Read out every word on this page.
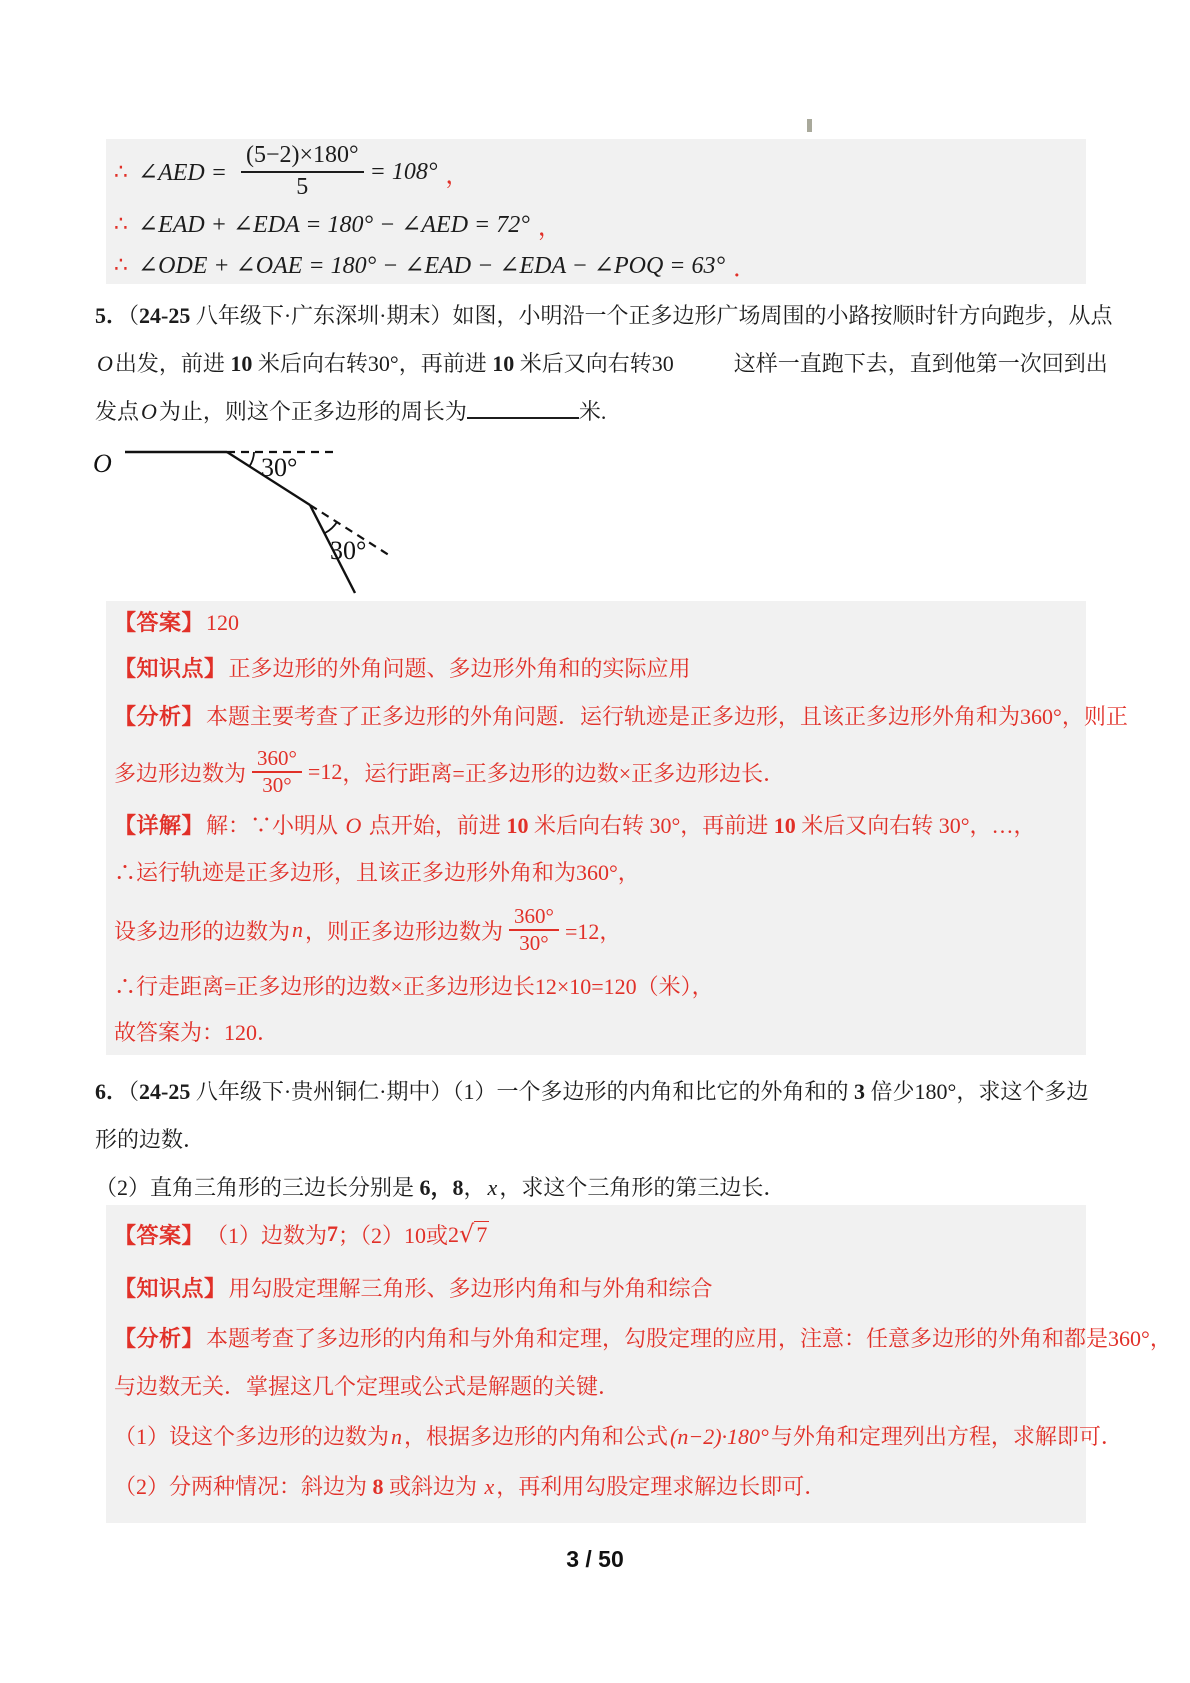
∴ ∠AED = $\frac{(5-2)\times 180^\circ}{5} = 108^\circ$ ，
∴ ∠EAD + ∠EDA = 180° − ∠AED = 72° ，
∴ ∠ODE + ∠OAE = 180° − ∠EAD − ∠EDA − ∠POQ = 63° ．
5．（24-25 八年级下·广东深圳·期末）如图，小明沿一个正多边形广场周围的小路按顺时针方向跑步，从点
O出发，前进 10 米后向右转30°，再前进 10 米后又向右转30	这样一直跑下去，直到他第一次回到出
发点O为止，则这个正多边形的周长为	米.
O	30°
30°
【答案】120
【知识点】正多边形的外角问题、多边形外角和的实际应用
【分析】本题主要考查了正多边形的外角问题．运行轨迹是正多边形，且该正多边形外角和为360°，则正
多边形边数为 $\frac{360^\circ}{30^\circ} =12$ ，运行距离=正多边形的边数×正多边形边长．
【详解】解：∵小明从 O 点开始，前进 10 米后向右转 30°，再前进 10 米后又向右转 30°，…，
∴运行轨迹是正多边形，且该正多边形外角和为360°，
设多边形的边数为 n ，则正多边形边数为 $\frac{360^\circ}{30^\circ} =12$，
∴行走距离=正多边形的边数×正多边形边长12×10=120（米），
故答案为：120．
6．（24-25 八年级下·贵州铜仁·期中）（1）一个多边形的内角和比它的外角和的 3 倍少180°，求这个多边
形的边数．
（2）直角三角形的三边长分别是 6，8，x，求这个三角形的第三边长．
【答案】 （1）边数为 7 ；（2）10或 2√7
【知识点】用勾股定理解三角形、多边形内角和与外角和综合
【分析】本题考查了多边形的内角和与外角和定理，勾股定理的应用，注意：任意多边形的外角和都是360°，
与边数无关．掌握这几个定理或公式是解题的关键．
（1）设这个多边形的边数为n，根据多边形的内角和公式(n−2)·180°与外角和定理列出方程，求解即可．
（2）分两种情况：斜边为 8 或斜边为 x，再利用勾股定理求解边长即可．
3 / 50
